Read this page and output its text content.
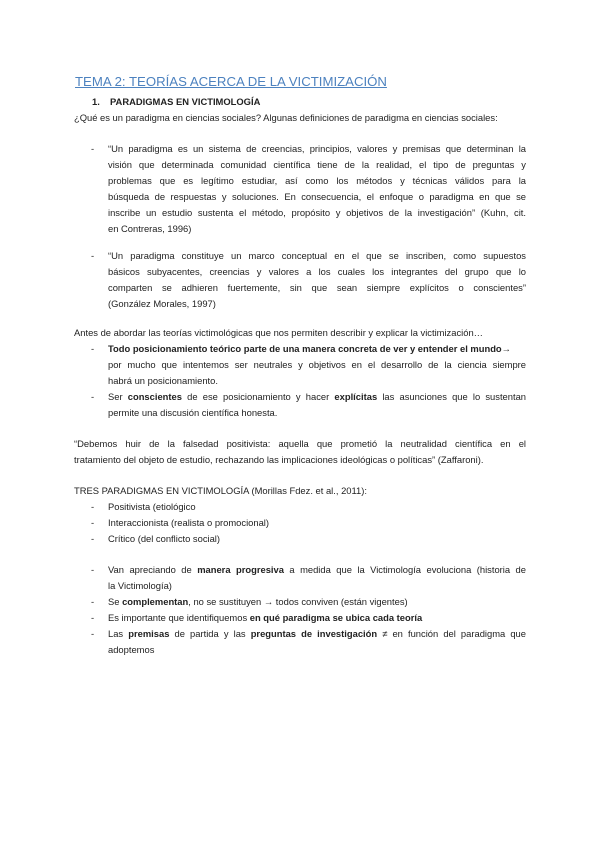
TEMA 2: TEORÍAS ACERCA DE LA VICTIMIZACIÓN
1. PARADIGMAS EN VICTIMOLOGÍA
¿Qué es un paradigma en ciencias sociales? Algunas definiciones de paradigma en ciencias sociales:
- “Un paradigma es un sistema de creencias, principios, valores y premisas que determinan la
visión que determinada comunidad científica tiene de la realidad, el tipo de preguntas y
problemas que es legítimo estudiar, así como los métodos y técnicas válidos para la
búsqueda de respuestas y soluciones. En consecuencia, el enfoque o paradigma en que se
inscribe un estudio sustenta el método, propósito y objetivos de la investigación” (Kuhn, cit.
en Contreras, 1996)
- “Un paradigma constituye un marco conceptual en el que se inscriben, como supuestos
básicos subyacentes, creencias y valores a los cuales los integrantes del grupo que lo
comparten se adhieren fuertemente, sin que sean siempre explícitos o conscientes”
(González Morales, 1997)
Antes de abordar las teorías victimológicas que nos permiten describir y explicar la victimización…
- Todo posicionamiento teórico parte de una manera concreta de ver y entender el mundo→
por mucho que intentemos ser neutrales y objetivos en el desarrollo de la ciencia siempre
habrá un posicionamiento.
- Ser conscientes de ese posicionamiento y hacer explícitas las asunciones que lo sustentan
permite una discusión científica honesta.
“Debemos huir de la falsedad positivista: aquella que prometió la neutralidad científica en el
tratamiento del objeto de estudio, rechazando las implicaciones ideológicas o políticas” (Zaffaroni).
TRES PARADIGMAS EN VICTIMOLOGÍA (Morillas Fdez. et al., 2011):
- Positivista (etiológico
- Interaccionista (realista o promocional)
- Crítico (del conflicto social)
- Van apreciando de manera progresiva a medida que la Victimología evoluciona (historia de
la Victimología)
- Se complementan, no se sustituyen → todos conviven (están vigentes)
- Es importante que identifiquemos en qué paradigma se ubica cada teoría
- Las premisas de partida y las preguntas de investigación ≠ en función del paradigma que
adoptemos
